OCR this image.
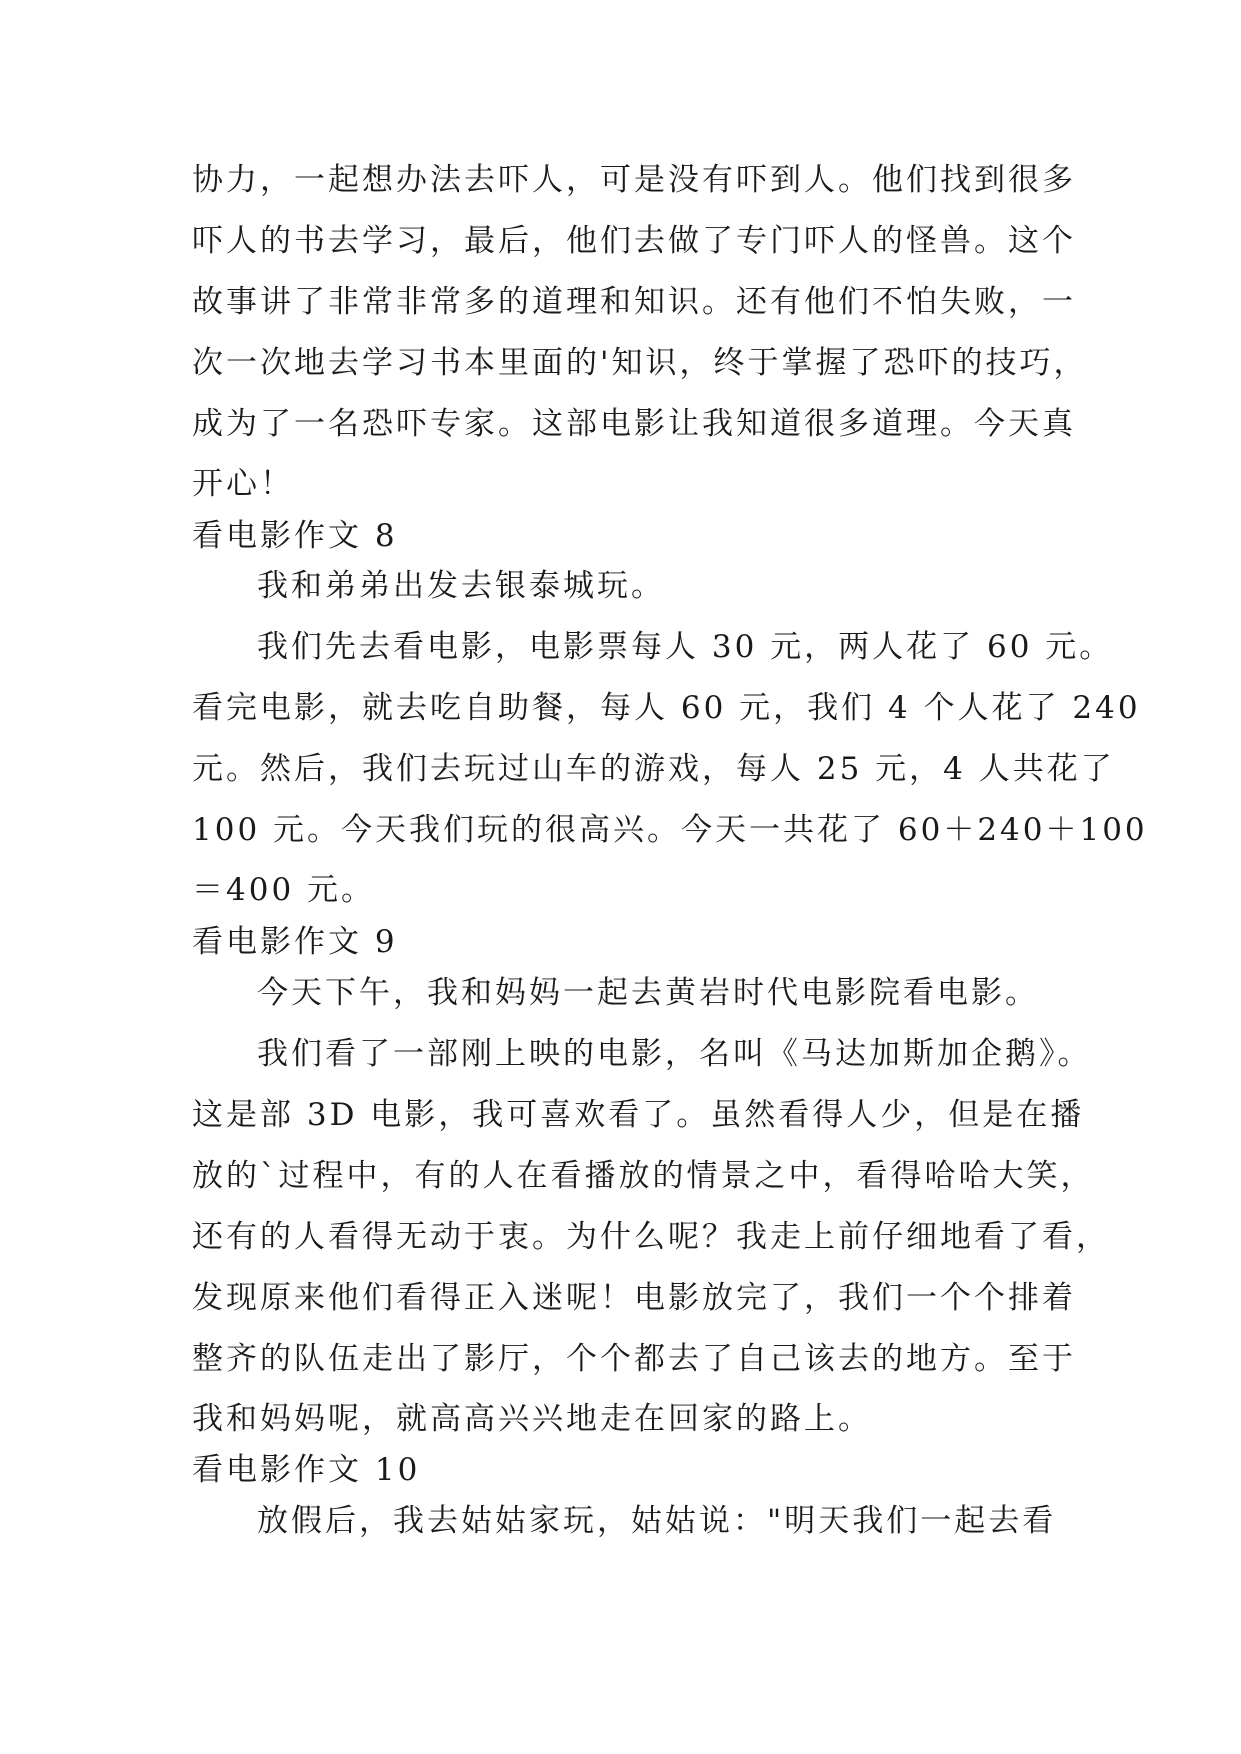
协力，一起想办法去吓人，可是没有吓到人。他们找到很多
吓人的书去学习，最后，他们去做了专门吓人的怪兽。这个
故事讲了非常非常多的道理和知识。还有他们不怕失败，一
次一次地去学习书本里面的'知识，终于掌握了恐吓的技巧，
成为了一名恐吓专家。这部电影让我知道很多道理。今天真
开心！
看电影作文 8
我和弟弟出发去银泰城玩。
我们先去看电影，电影票每人 30 元，两人花了 60 元。
看完电影，就去吃自助餐，每人 60 元，我们 4 个人花了 240
元。然后，我们去玩过山车的游戏，每人 25 元，4 人共花了
100 元。今天我们玩的很高兴。今天一共花了 60＋240＋100
＝400 元。
看电影作文 9
今天下午，我和妈妈一起去黄岩时代电影院看电影。
我们看了一部刚上映的电影，名叫《马达加斯加企鹅》。
这是部 3D 电影，我可喜欢看了。虽然看得人少，但是在播
放的`过程中，有的人在看播放的情景之中，看得哈哈大笑，
还有的人看得无动于衷。为什么呢？我走上前仔细地看了看，
发现原来他们看得正入迷呢！电影放完了，我们一个个排着
整齐的队伍走出了影厅，个个都去了自己该去的地方。至于
我和妈妈呢，就高高兴兴地走在回家的路上。
看电影作文 10
放假后，我去姑姑家玩，姑姑说："明天我们一起去看
